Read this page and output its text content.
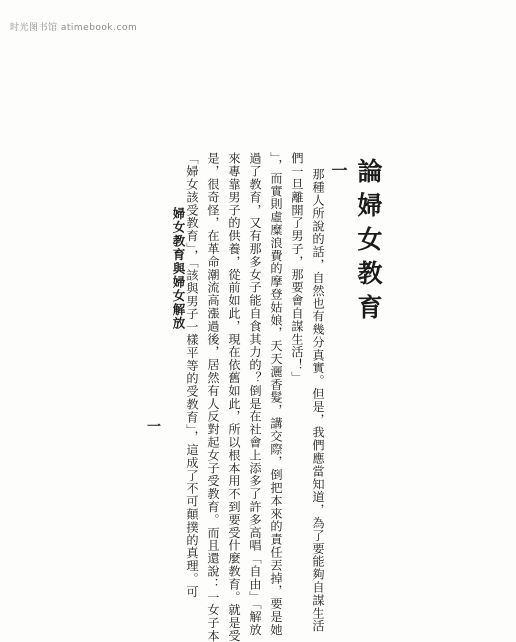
时光图书馆 atimebook.com
論婦女教育
一
「婦女該受教育」，「該與男子一樣平等的受教育」，這成了不可顛撲的真理。可 是，很奇怪，在革命潮流高漲過後，居然有人反對起女子受教育。而且還說：一女子本 來專靠男子的供養，從前如此，現在依舊如此，所以根本用不到要受什麼教育。就是受 過了教育，又有那多女子能自食其力的？倒是在社會上添多了許多高唱「自由」「解放 」，而實則虛糜浪費的摩登姑娘，天天灑香髮，講交際，倒把本來的責任丟掉，要是她 們一旦離開了男子，那要會自謀生活！」 那種人所說的話，自然也有幾分真實。但是，我們應當知道，為了要能夠自謀生活
婦女教育與婦女解放
一
